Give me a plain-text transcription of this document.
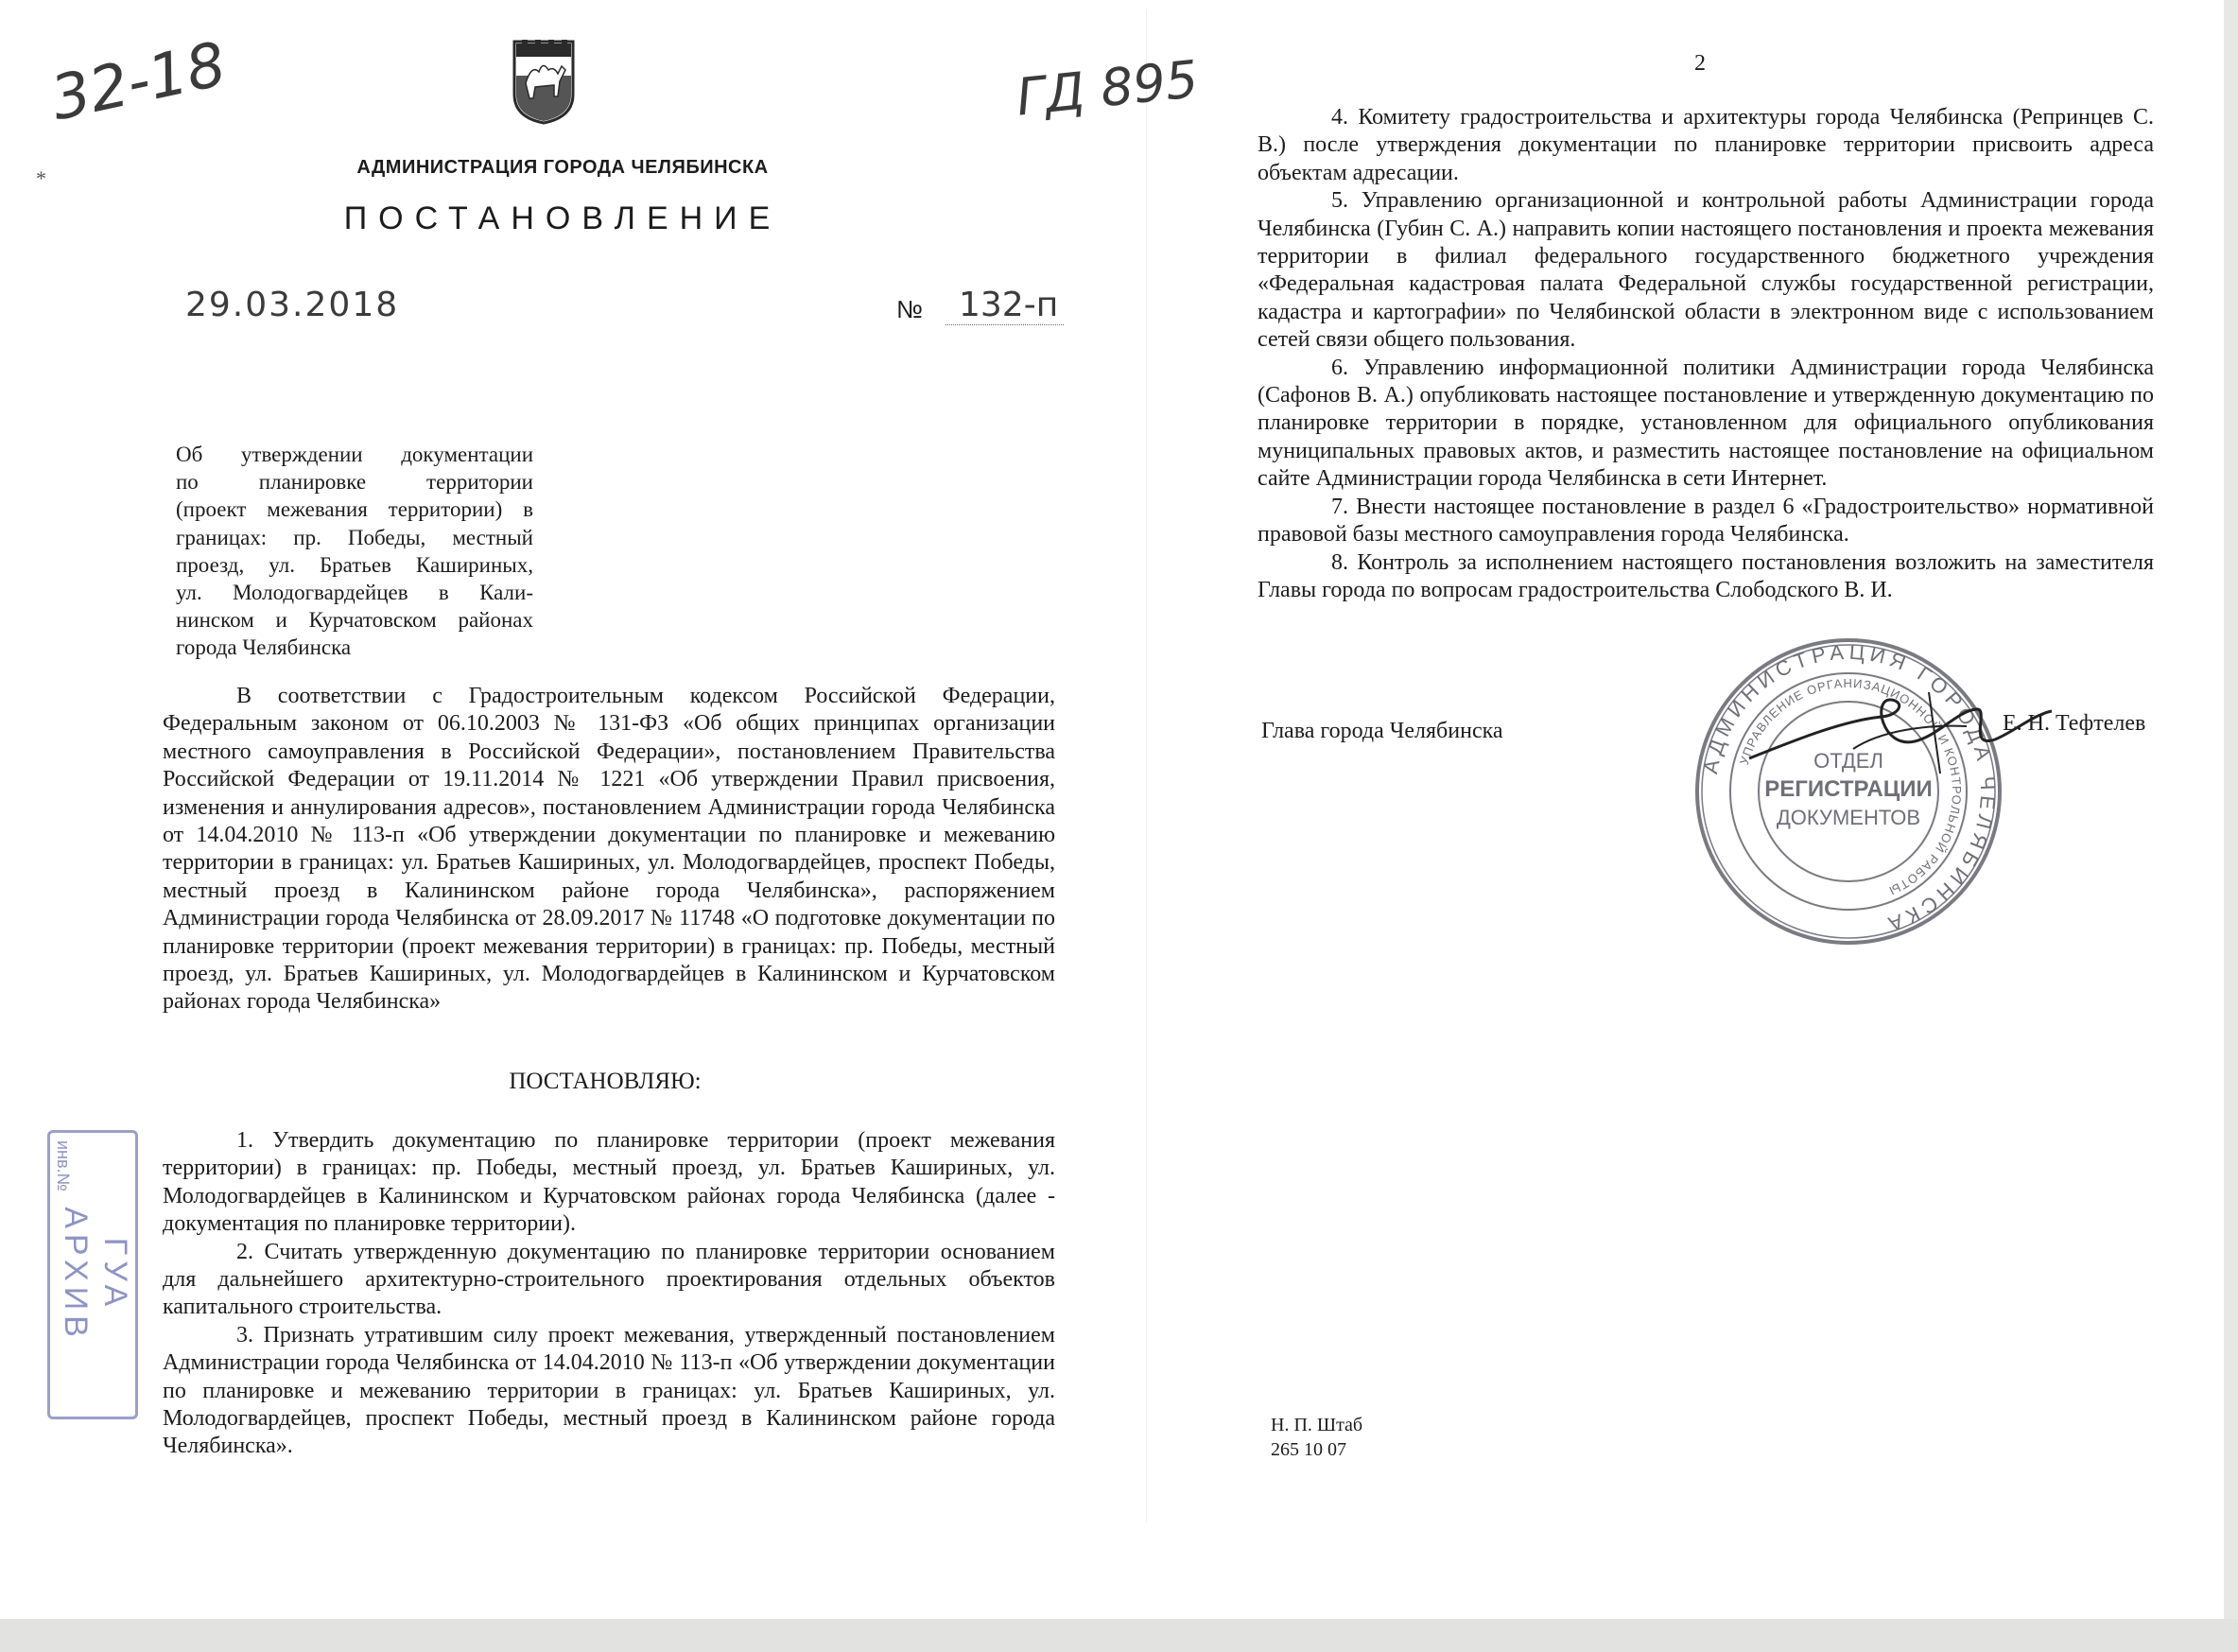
32-18
*
ГД 895
АДМИНИСТРАЦИЯ ГОРОДА ЧЕЛЯБИНСКА
ПОСТАНОВЛЕНИЕ
29.03.2018	№	132-п
Об утверждении документации
по планировке территории
(проект межевания территории) в
границах: пр. Победы, местный
проезд, ул. Братьев Кашириных,
ул. Молодогвардейцев в Кали-
нинском и Курчатовском районах
города Челябинска
В соответствии с Градостроительным кодексом Российской Федерации, Федеральным законом от 06.10.2003 № 131-ФЗ «Об общих принципах организации местного самоуправления в Российской Федерации», постановлением Правительства Российской Федерации от 19.11.2014 № 1221 «Об утверждении Правил присвоения, изменения и аннулирования адресов», постановлением Администрации города Челябинска от 14.04.2010 № 113-п «Об утверждении документации по планировке и межеванию территории в границах: ул. Братьев Кашириных, ул. Молодогвардейцев, проспект Победы, местный проезд в Калининском районе города Челябинска», распоряжением Администрации города Челябинска от 28.09.2017 № 11748 «О подготовке документации по планировке территории (проект межевания территории) в границах: пр. Победы, местный проезд, ул. Братьев Кашириных, ул. Молодогвардейцев в Калининском и Курчатовском районах города Челябинска»
ПОСТАНОВЛЯЮ:
1. Утвердить документацию по планировке территории (проект межевания территории) в границах: пр. Победы, местный проезд, ул. Братьев Кашириных, ул. Молодогвардейцев в Калининском и Курчатовском районах города Челябинска (далее - документация по планировке территории).
2. Считать утвержденную документацию по планировке территории основанием для дальнейшего архитектурно-строительного проектирования отдельных объектов капитального строительства.
3. Признать утратившим силу проект межевания, утвержденный постановлением Администрации города Челябинска от 14.04.2010 № 113-п «Об утверждении документации по планировке и межеванию территории в границах: ул. Братьев Кашириных, ул. Молодогвардейцев, проспект Победы, местный проезд в Калининском районе города Челябинска».
ГУА
АРХИВ
инв.№
2
4. Комитету градостроительства и архитектуры города Челябинска (Репринцев С. В.) после утверждения документации по планировке территории присвоить адреса объектам адресации.
5. Управлению организационной и контрольной работы Администрации города Челябинска (Губин С. А.) направить копии настоящего постановления и проекта межевания территории в филиал федерального государственного бюджетного учреждения «Федеральная кадастровая палата Федеральной службы государственной регистрации, кадастра и картографии» по Челябинской области в электронном виде с использованием сетей связи общего пользования.
6. Управлению информационной политики Администрации города Челябинска (Сафонов В. А.) опубликовать настоящее постановление и утвержденную документацию по планировке территории в порядке, установленном для официального опубликования муниципальных правовых актов, и разместить настоящее постановление на официальном сайте Администрации города Челябинска в сети Интернет.
7. Внести настоящее постановление в раздел 6 «Градостроительство» нормативной правовой базы местного самоуправления города Челябинска.
8. Контроль за исполнением настоящего постановления возложить на заместителя Главы города по вопросам градостроительства Слободского В. И.
Глава города Челябинска	Е. Н. Тефтелев
АДМИНИСТРАЦИЯ ГОРОДА ЧЕЛЯБИНСКА
УПРАВЛЕНИЕ ОРГАНИЗАЦИОННОЙ И КОНТРОЛЬНОЙ РАБОТЫ
ОТДЕЛ
РЕГИСТРАЦИИ
ДОКУМЕНТОВ
Н. П. Штаб
265 10 07
